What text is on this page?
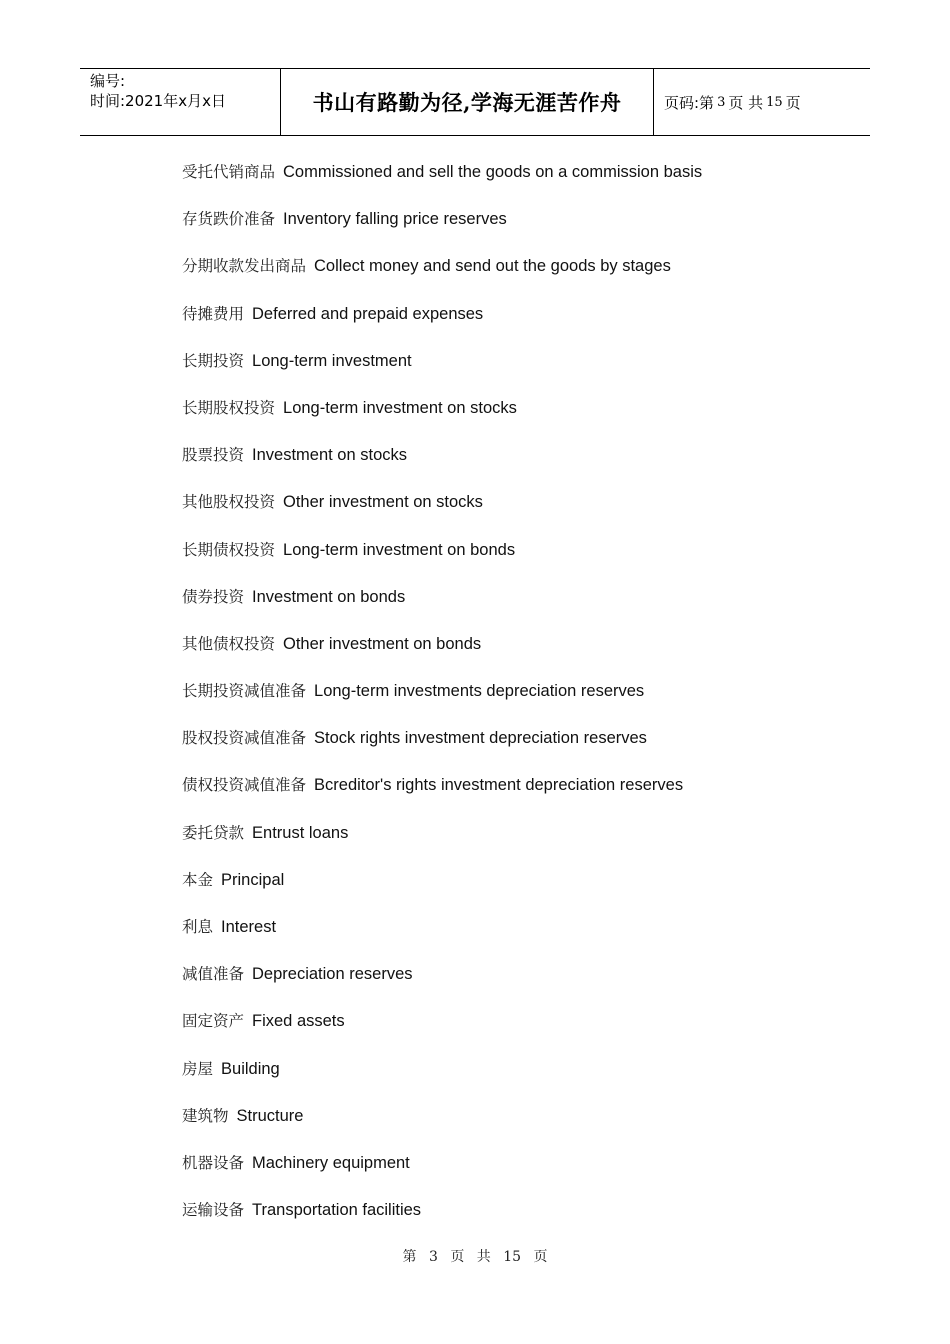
编号:
时间:2021年x月x日	书山有路勤为径,学海无涯苦作舟	页码:第 3 页 共 15 页
受托代销商品 Commissioned and sell the goods on a commission basis
存货跌价准备 Inventory falling price reserves
分期收款发出商品 Collect money and send out the goods by stages
待摊费用 Deferred and prepaid expenses
长期投资 Long-term investment
长期股权投资 Long-term investment on stocks
股票投资 Investment on stocks
其他股权投资 Other investment on stocks
长期债权投资 Long-term investment on bonds
债券投资 Investment on bonds
其他债权投资 Other investment on bonds
长期投资减值准备 Long-term investments depreciation reserves
股权投资减值准备 Stock rights investment depreciation reserves
债权投资减值准备 Bcreditor's rights investment depreciation reserves
委托贷款 Entrust loans
本金 Principal
利息 Interest
减值准备 Depreciation reserves
固定资产 Fixed assets
房屋 Building
建筑物 Structure
机器设备 Machinery equipment
运输设备 Transportation facilities
第 3 页 共 15 页
